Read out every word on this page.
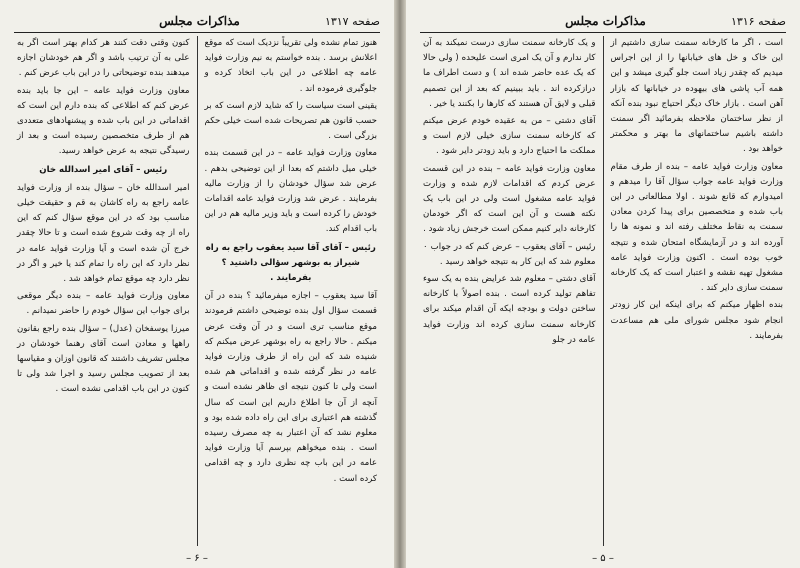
صفحه ۱۳۱۷
مذاکرات مجلس

هنوز تمام نشده ولی تقریباً نزدیک است که موقع اعلانش برسد . بنده خواستم به نیم وزارت فواید عامه چه اطلاعی در این باب اتخاذ کرده و جلوگیری فرموده اند .

یقینی است سیاست را که شاید لازم است که بر حسب قانون هم تصریحات شده است خیلی حکم بزرگی است .

معاون وزارت فواید عامه – در این قسمت بنده خیلی میل داشتم که بعدا از این توضیحی بدهم . عرض شد سؤال خودشان را از وزارت مالیه بفرمایند . عرض شد وزارت فواید عامه اقدامات خودش را کرده است و باید وزیر مالیه هم در این باب اقدام کند.

رئیس – آقای آقا سید یعقوب راجع به راه شیراز به بوشهر سؤالی داشتید ؟ بفرمایند .

آقا سید یعقوب – اجازه میفرمائید ؟ بنده در آن قسمت سؤال اول بنده توضیحی داشتم فرمودند موقع مناسب تری است و در آن وقت عرض میکنم . حالا راجع به راه بوشهر عرض میکنم که شنیده شد که این راه از طرف وزارت فواید عامه در نظر گرفته شده و اقداماتی هم شده است ولی تا کنون نتیجه ای ظاهر نشده است و آنچه از آن جا اطلاع داریم این است که سال گذشته هم اعتباری برای این راه داده شده بود و معلوم نشد که آن اعتبار به چه مصرف رسیده است . بنده میخواهم بپرسم آیا وزارت فواید عامه در این باب چه نظری دارد و چه اقدامی کرده است .

کنون وقتی دقت کنند هر کدام بهتر است اگر به علی به آن ترتیب باشد و اگر هم خودشان اجازه میدهند بنده توضیحاتی را در این باب عرض کنم .

معاون وزارت فواید عامه – این جا باید بنده عرض کنم که اطلاعی که بنده دارم این است که اقداماتی در این باب شده و پیشنهادهای متعددی هم از طرف متخصصین رسیده است و بعد از رسیدگی نتیجه به عرض خواهد رسید.

رئیس – آقای امیر اسدالله خان

امیر اسدالله خان – سؤال بنده از وزارت فواید عامه راجع به راه کاشان به قم و حقیقت خیلی مناسب بود که در این موقع سؤال کنم که این راه از چه وقت شروع شده است و تا حالا چقدر خرج آن شده است و آیا وزارت فواید عامه در نظر دارد که این راه را تمام کند یا خیر و اگر در نظر دارد چه موقع تمام خواهد شد .

معاون وزارت فواید عامه – بنده دیگر موقعی برای جواب این سؤال خودم را حاضر نمیدانم .

میرزا یوسفخان (عدل) – سؤال بنده راجع بقانون راهها و معادن است آقای رهنما خودشان در مجلس تشریف داشتند که قانون اوزان و مقیاسها بعد از تصویب مجلس رسید و اجرا شد ولی تا کنون در این باب اقدامی نشده است .

– ۶ –
صفحه ۱۳۱۶
مذاکرات مجلس

است ، اگر ما کارخانه سمنت سازی داشتیم از این خاک و خل های خیابانها را از این اجراس میدیم که چقدر زیاد است جلو گیری میشد و این همه آب پاشی های بیهوده در خیابانها که بازار آهن است . بازار خاک دیگر احتیاج نبود بنده آنکه از نظر ساختمان ملاحظه بفرمائید اگر سمنت داشته باشیم ساختمانهای ما بهتر و محکمتر خواهد بود .

معاون وزارت فواید عامه – بنده از طرف مقام وزارت فواید عامه جواب سؤال آقا را میدهم و امیدوارم که قانع شوند . اولا مطالعاتی در این باب شده و متخصصین برای پیدا کردن معادن سمنت به نقاط مختلف رفته اند و نمونه ها را آورده اند و در آزمایشگاه امتحان شده و نتیجه خوب بوده است . اکنون وزارت فواید عامه مشغول تهیه نقشه و اعتبار است که یک کارخانه سمنت سازی دایر کند .

بنده اظهار میکنم که برای اینکه این کار زودتر انجام شود مجلس شورای ملی هم مساعدت بفرمایند .

و یک کارخانه سمنت سازی درست نمیکند به آن کار ندارم و آن یک امری است علیحده ( ولی حالا که یک عده حاضر شده اند ) و دست اطراف ما درازکرده اند . باید ببینیم که بعد از این تصمیم قبلی و لایق آن هستند که کارها را بکنند یا خیر .

آقای دشتی – من به عقیده خودم عرض میکنم که کارخانه سمنت سازی خیلی لازم است و مملکت ما احتیاج دارد و باید زودتر دایر شود .

معاون وزارت فواید عامه – بنده در این قسمت عرض کردم که اقدامات لازم شده و وزارت فواید عامه مشغول است ولی در این باب یک نکته هست و آن این است که اگر خودمان کارخانه دایر کنیم ممکن است خرجش زیاد شود .

رئیس – آقای یعقوب – عرض کنم که در جواب ۰ معلوم شد که این کار به نتیجه خواهد رسید .

آقای دشتی – معلوم شد عرایض بنده به یک سوء تفاهم تولید کرده است . بنده اصولاً با کارخانه ساختن دولت و بودجه ایکه آن اقدام میکند برای کارخانه سمنت سازی کرده اند وزارت فواید عامه در جلو

– ۵ –
